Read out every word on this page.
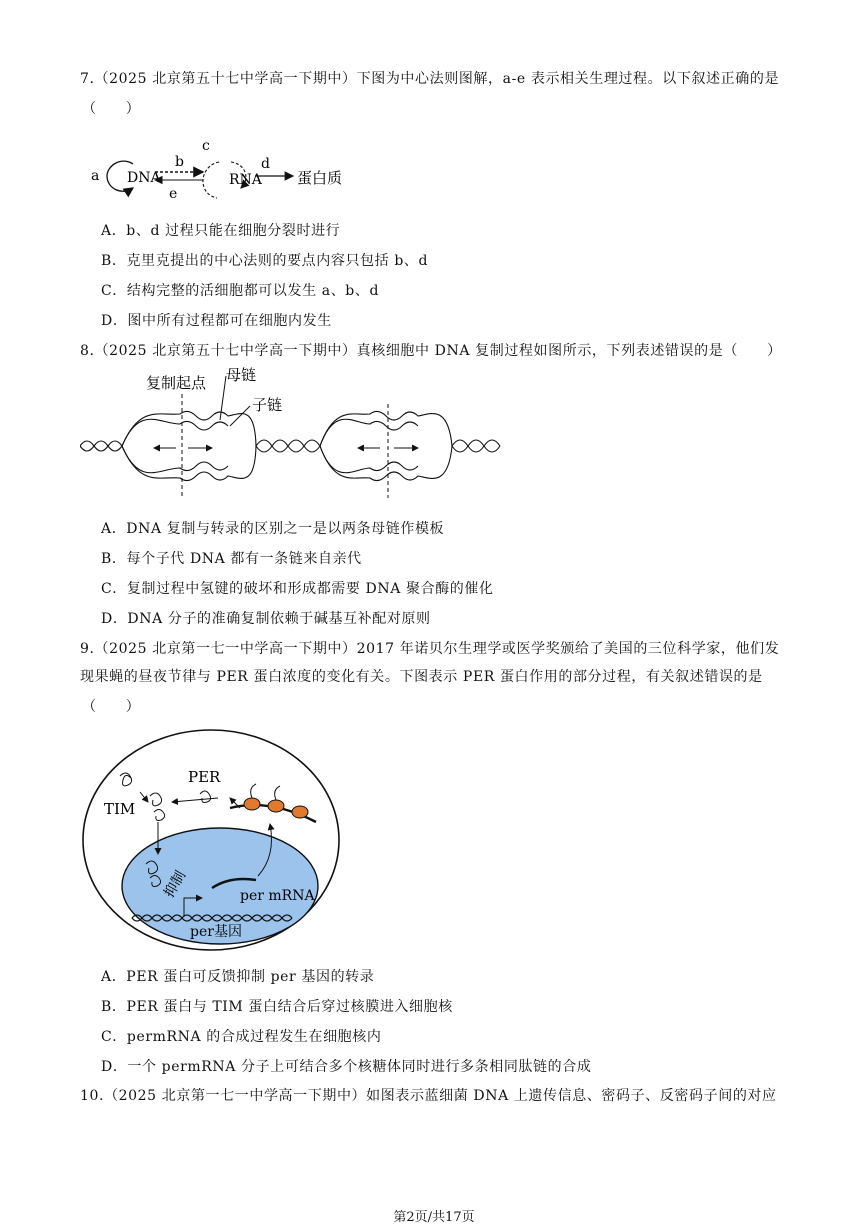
7.（2025 北京第五十七中学高一下期中）下图为中心法则图解，a-e 表示相关生理过程。以下叙述正确的是
（　　）
a DNA
b
e
c
RNA
d
蛋白质
A．b、d 过程只能在细胞分裂时进行
B．克里克提出的中心法则的要点内容只包括 b、d
C．结构完整的活细胞都可以发生 a、b、d
D．图中所有过程都可在细胞内发生
8.（2025 北京第五十七中学高一下期中）真核细胞中 DNA 复制过程如图所示，下列表述错误的是（　　）
复制起点 母链
子链
A．DNA 复制与转录的区别之一是以两条母链作模板
B．每个子代 DNA 都有一条链来自亲代
C．复制过程中氢键的破坏和形成都需要 DNA 聚合酶的催化
D．DNA 分子的准确复制依赖于碱基互补配对原则
9.（2025 北京第一七一中学高一下期中）2017 年诺贝尔生理学或医学奖颁给了美国的三位科学家，他们发
现果蝇的昼夜节律与 PER 蛋白浓度的变化有关。下图表示 PER 蛋白作用的部分过程，有关叙述错误的是
（　　）
PER
TIM
抑制	per mRNA
per基因
A．PER 蛋白可反馈抑制 per 基因的转录
B．PER 蛋白与 TIM 蛋白结合后穿过核膜进入细胞核
C．permRNA 的合成过程发生在细胞核内
D．一个 permRNA 分子上可结合多个核糖体同时进行多条相同肽链的合成
10.（2025 北京第一七一中学高一下期中）如图表示蓝细菌 DNA 上遗传信息、密码子、反密码子间的对应
第2页/共17页
